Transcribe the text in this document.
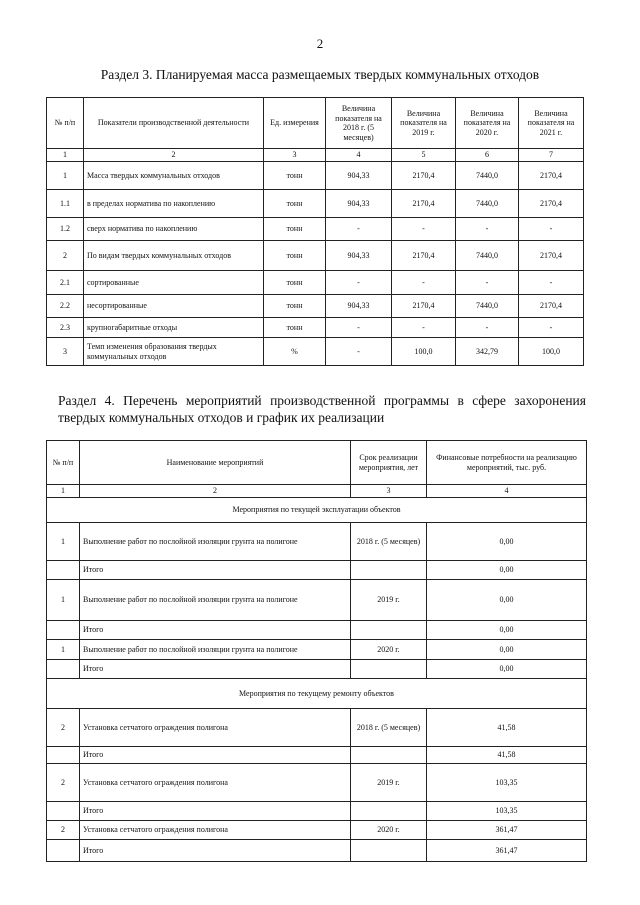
2
Раздел 3. Планируемая масса размещаемых твердых коммунальных отходов
№ п/п	Показатели производственной деятельности	Ед. измерения	Величина показателя на 2018 г. (5 месяцев)	Величина показателя на 2019 г.	Величина показателя на 2020 г.	Величина показателя на 2021 г.
1	2	3	4	5	6	7
1	Масса твердых коммунальных отходов	тонн	904,33	2170,4	7440,0	2170,4
1.1	в пределах норматива по накоплению	тонн	904,33	2170,4	7440,0	2170,4
1.2	сверх норматива по накоплению	тонн	-	-	-	-
2	По видам твердых коммунальных отходов	тонн	904,33	2170,4	7440,0	2170,4
2.1	сортированные	тонн	-	-	-	-
2.2	несортированные	тонн	904,33	2170,4	7440,0	2170,4
2.3	крупногабаритные отходы	тонн	-	-	-	-
3	Темп изменения образования твердых коммунальных отходов	%	-	100,0	342,79	100,0
Раздел 4. Перечень мероприятий производственной программы в сфере захоронения твердых коммунальных отходов и график их реализации
№ п/п	Наименование мероприятий	Срок реализации мероприятия, лет	Финансовые потребности на реализацию мероприятий, тыс. руб.
1	2	3	4
Мероприятия по текущей эксплуатации объектов			
1	Выполнение работ по послойной изоляции грунта на полигоне	2018 г. (5 месяцев)	0,00
	Итого		0,00
1	Выполнение работ по послойной изоляции грунта на полигоне	2019 г.	0,00
	Итого		0,00
1	Выполнение работ по послойной изоляции грунта на полигоне	2020 г.	0,00
	Итого		0,00
Мероприятия по текущему ремонту объектов			
2	Установка сетчатого ограждения полигона	2018 г. (5 месяцев)	41,58
	Итого		41,58
2	Установка сетчатого ограждения полигона	2019 г.	103,35
	Итого		103,35
2	Установка сетчатого ограждения полигона	2020 г.	361,47
	Итого		361,47
